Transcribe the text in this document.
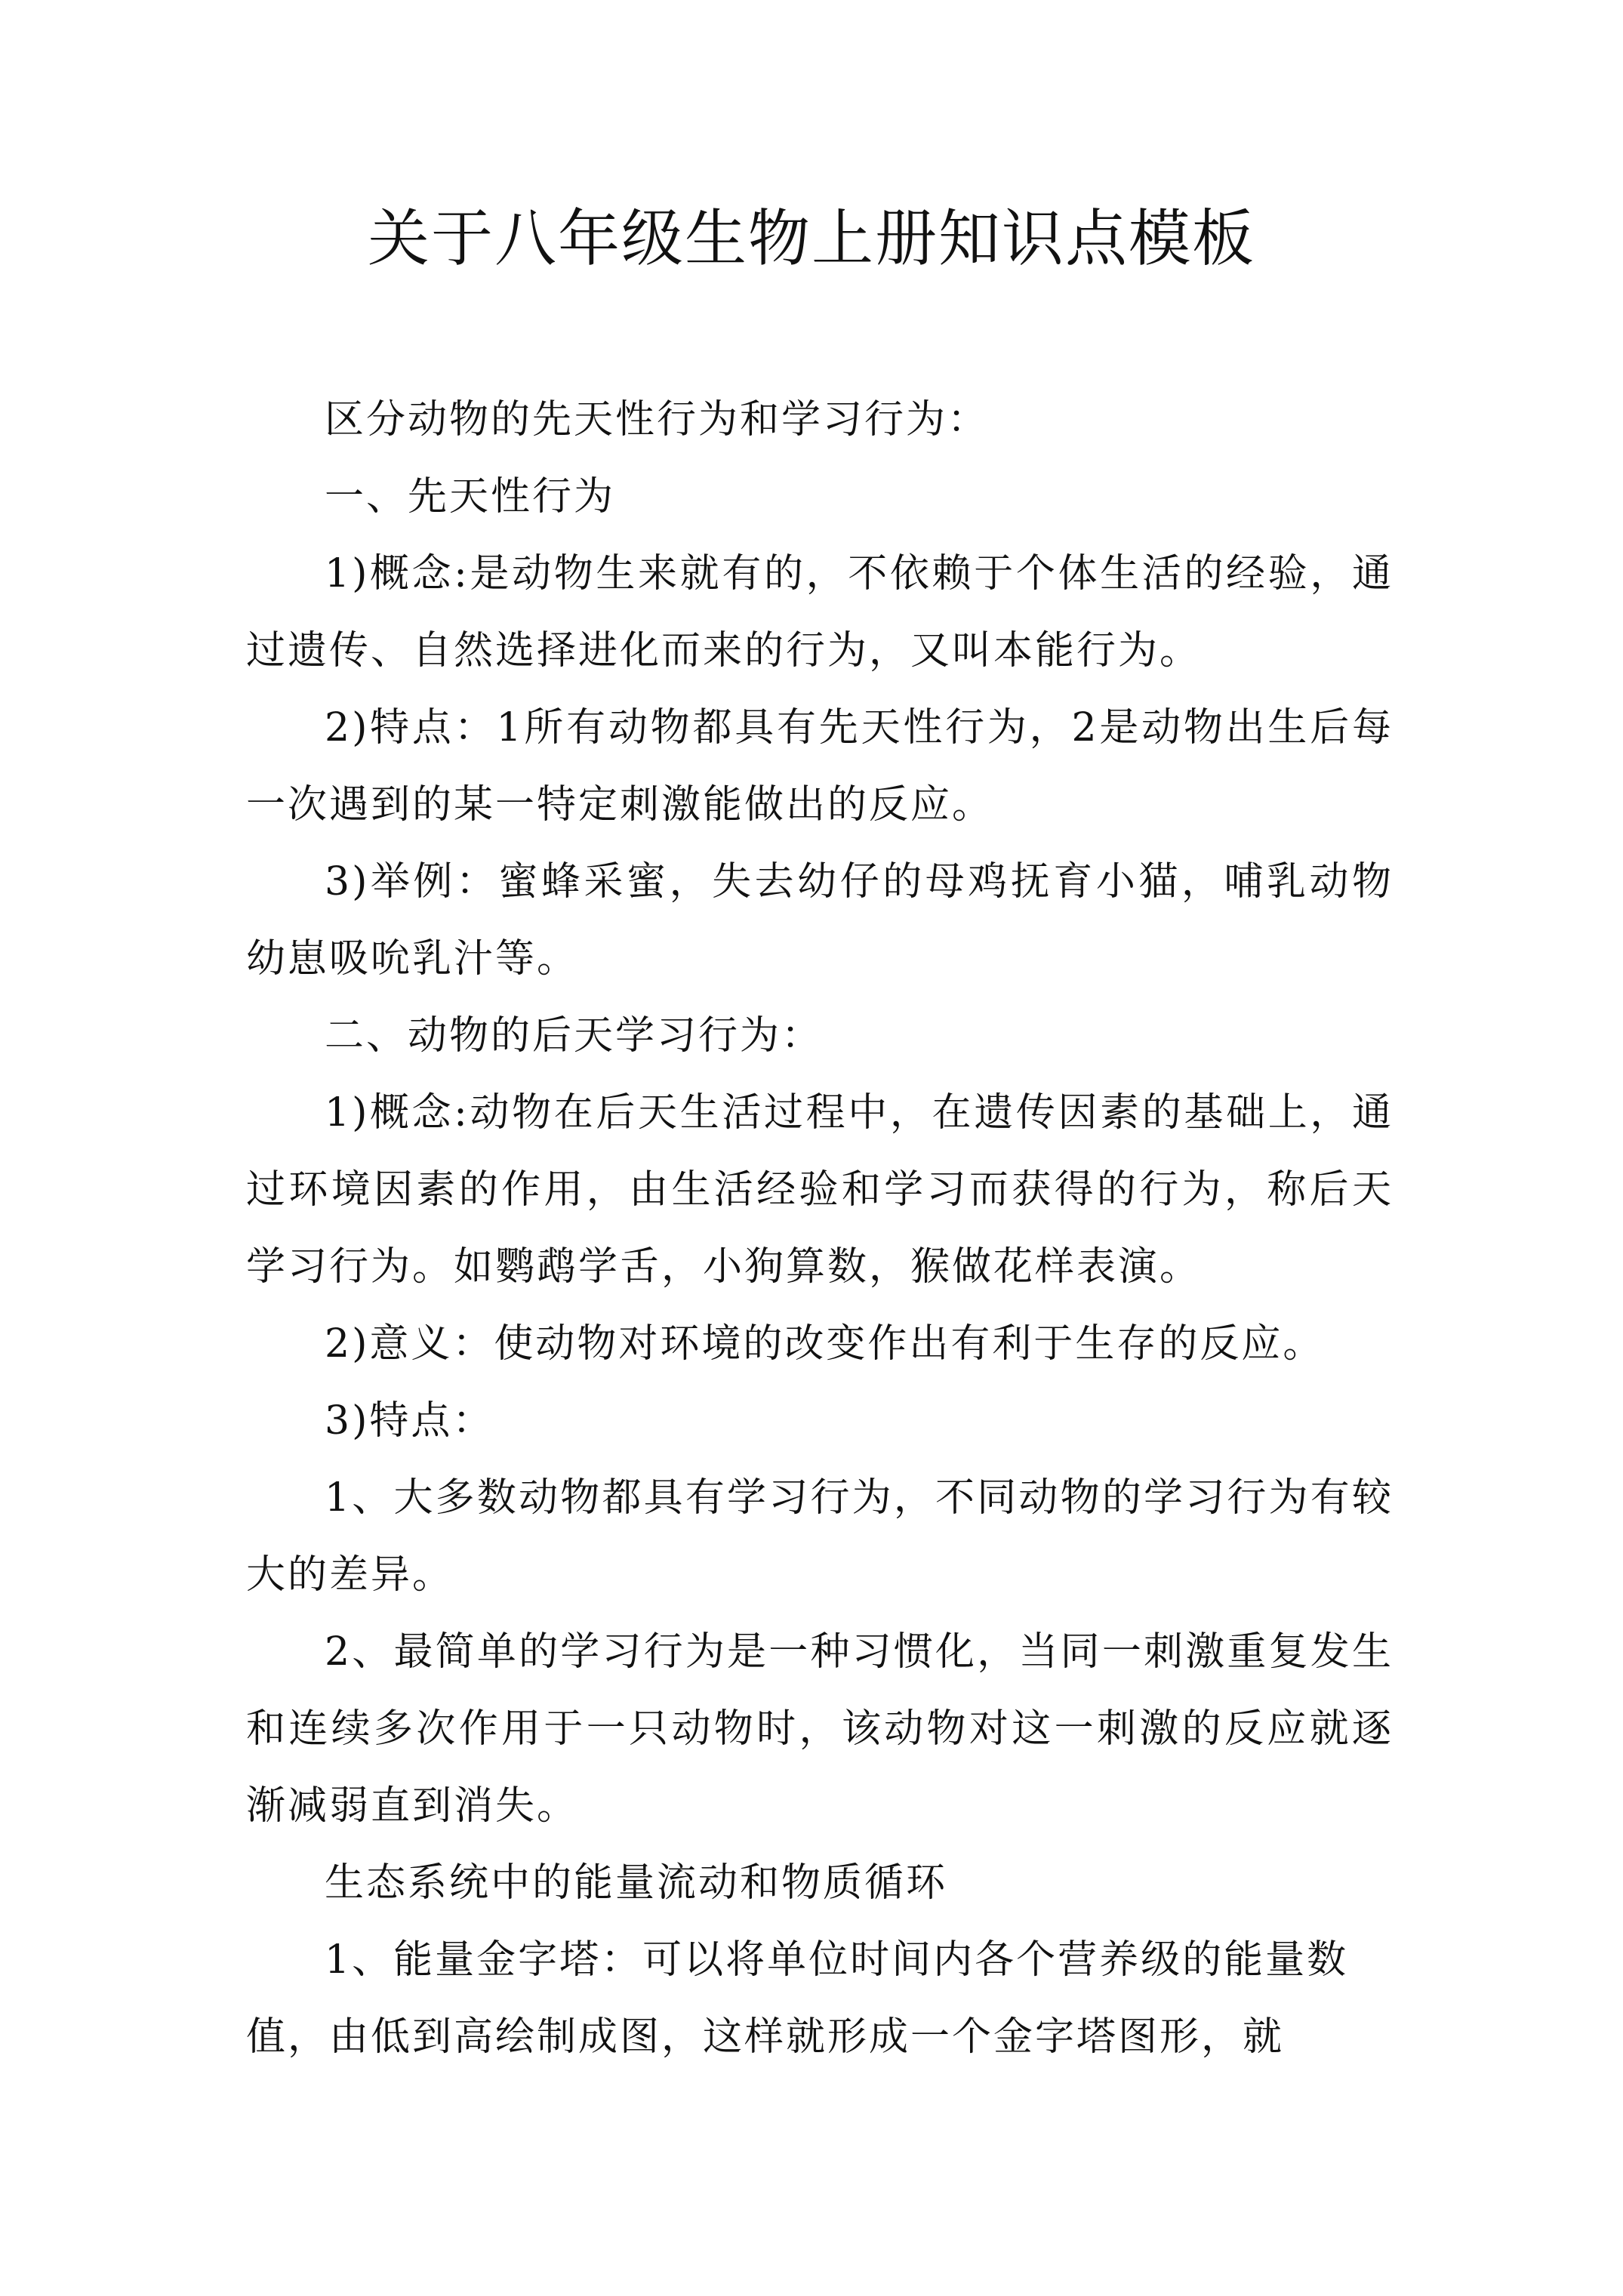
关于八年级生物上册知识点模板

区分动物的先天性行为和学习行为：

一、先天性行为

1)概念:是动物生来就有的，不依赖于个体生活的经验，通过遗传、自然选择进化而来的行为，又叫本能行为。

2)特点：1所有动物都具有先天性行为，2是动物出生后每一次遇到的某一特定刺激能做出的反应。

3)举例：蜜蜂采蜜，失去幼仔的母鸡抚育小猫，哺乳动物幼崽吸吮乳汁等。

二、动物的后天学习行为：

1)概念:动物在后天生活过程中，在遗传因素的基础上，通过环境因素的作用，由生活经验和学习而获得的行为，称后天学习行为。如鹦鹉学舌，小狗算数，猴做花样表演。

2)意义：使动物对环境的改变作出有利于生存的反应。

3)特点：

1、大多数动物都具有学习行为，不同动物的学习行为有较大的差异。

2、最简单的学习行为是一种习惯化，当同一刺激重复发生和连续多次作用于一只动物时，该动物对这一刺激的反应就逐渐减弱直到消失。

生态系统中的能量流动和物质循环

1、能量金字塔：可以将单位时间内各个营养级的能量数值，由低到高绘制成图，这样就形成一个金字塔图形，就
